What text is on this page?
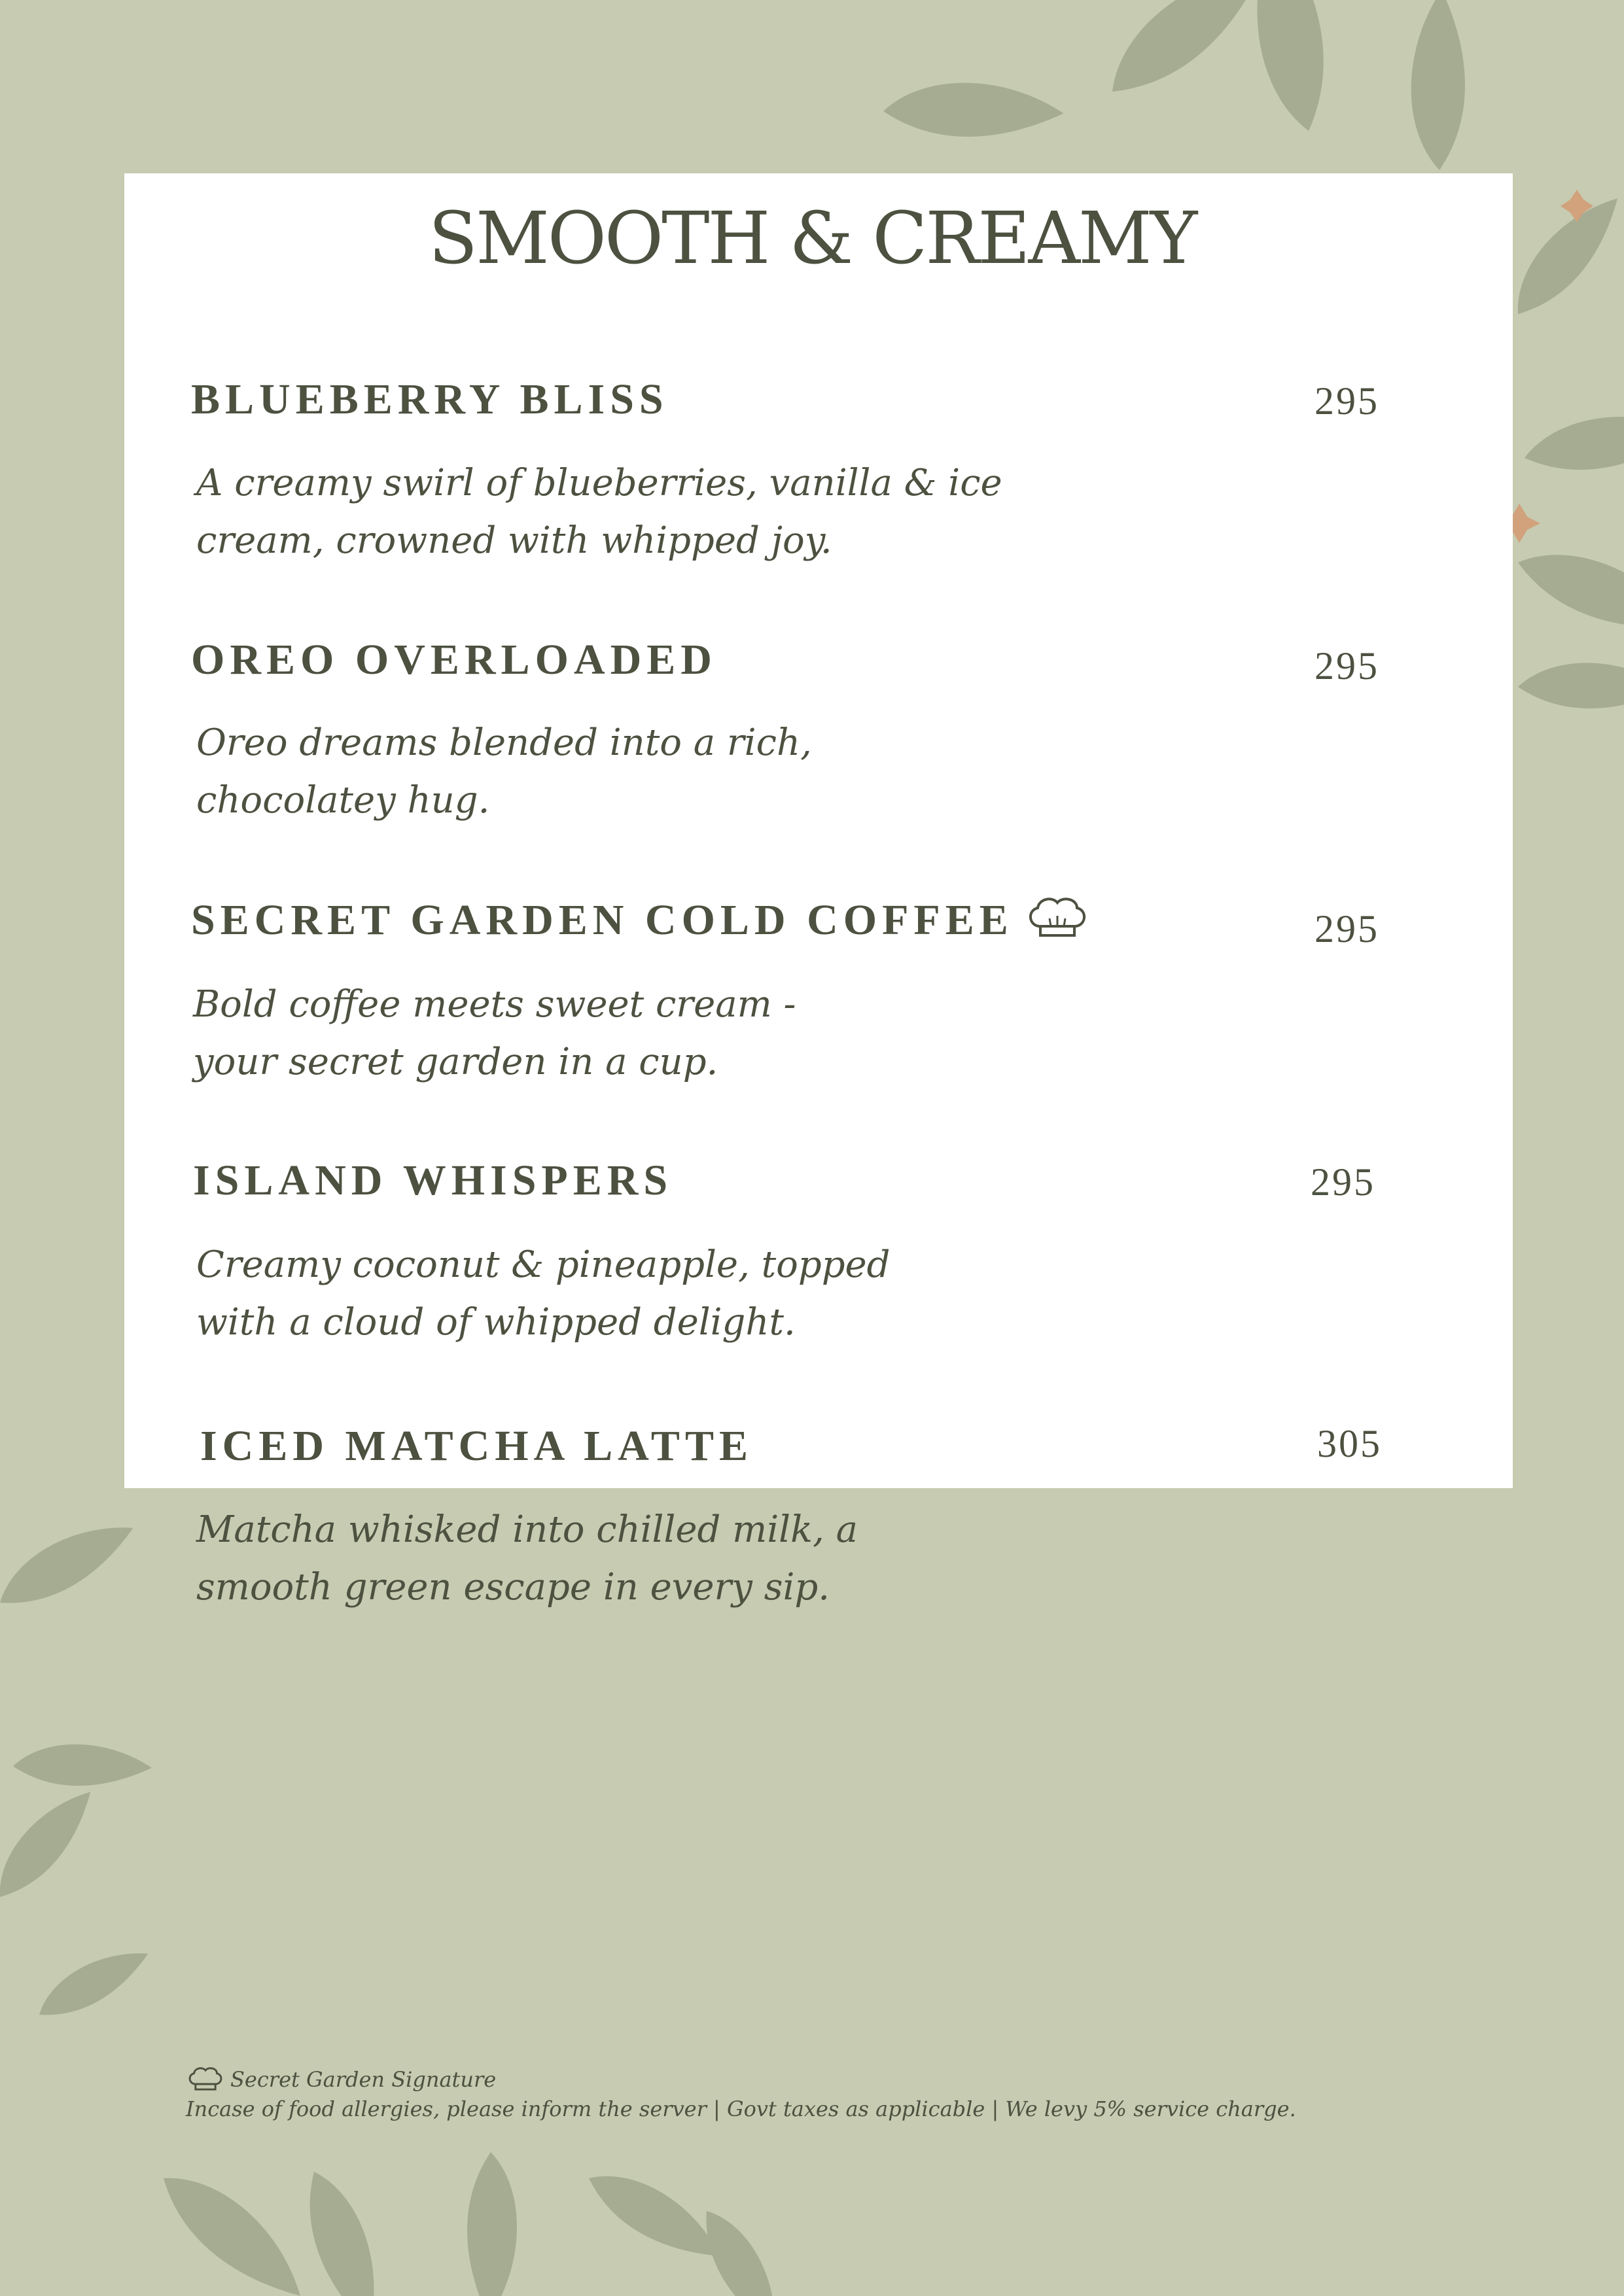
SMOOTH & CREAMY
BLUEBERRY BLISS	295

A creamy swirl of blueberries, vanilla & ice
cream, crowned with whipped joy.

OREO OVERLOADED	295

Oreo dreams blended into a rich,
chocolatey hug.

SECRET GARDEN COLD COFFEE	295

Bold coffee meets sweet cream -
your secret garden in a cup.

ISLAND WHISPERS	295

Creamy coconut & pineapple, topped
with a cloud of whipped delight.

ICED MATCHA LATTE	305

Matcha whisked into chilled milk, a
smooth green escape in every sip.

Secret Garden Signature
Incase of food allergies, please inform the server | Govt taxes as applicable | We levy 5% service charge.
